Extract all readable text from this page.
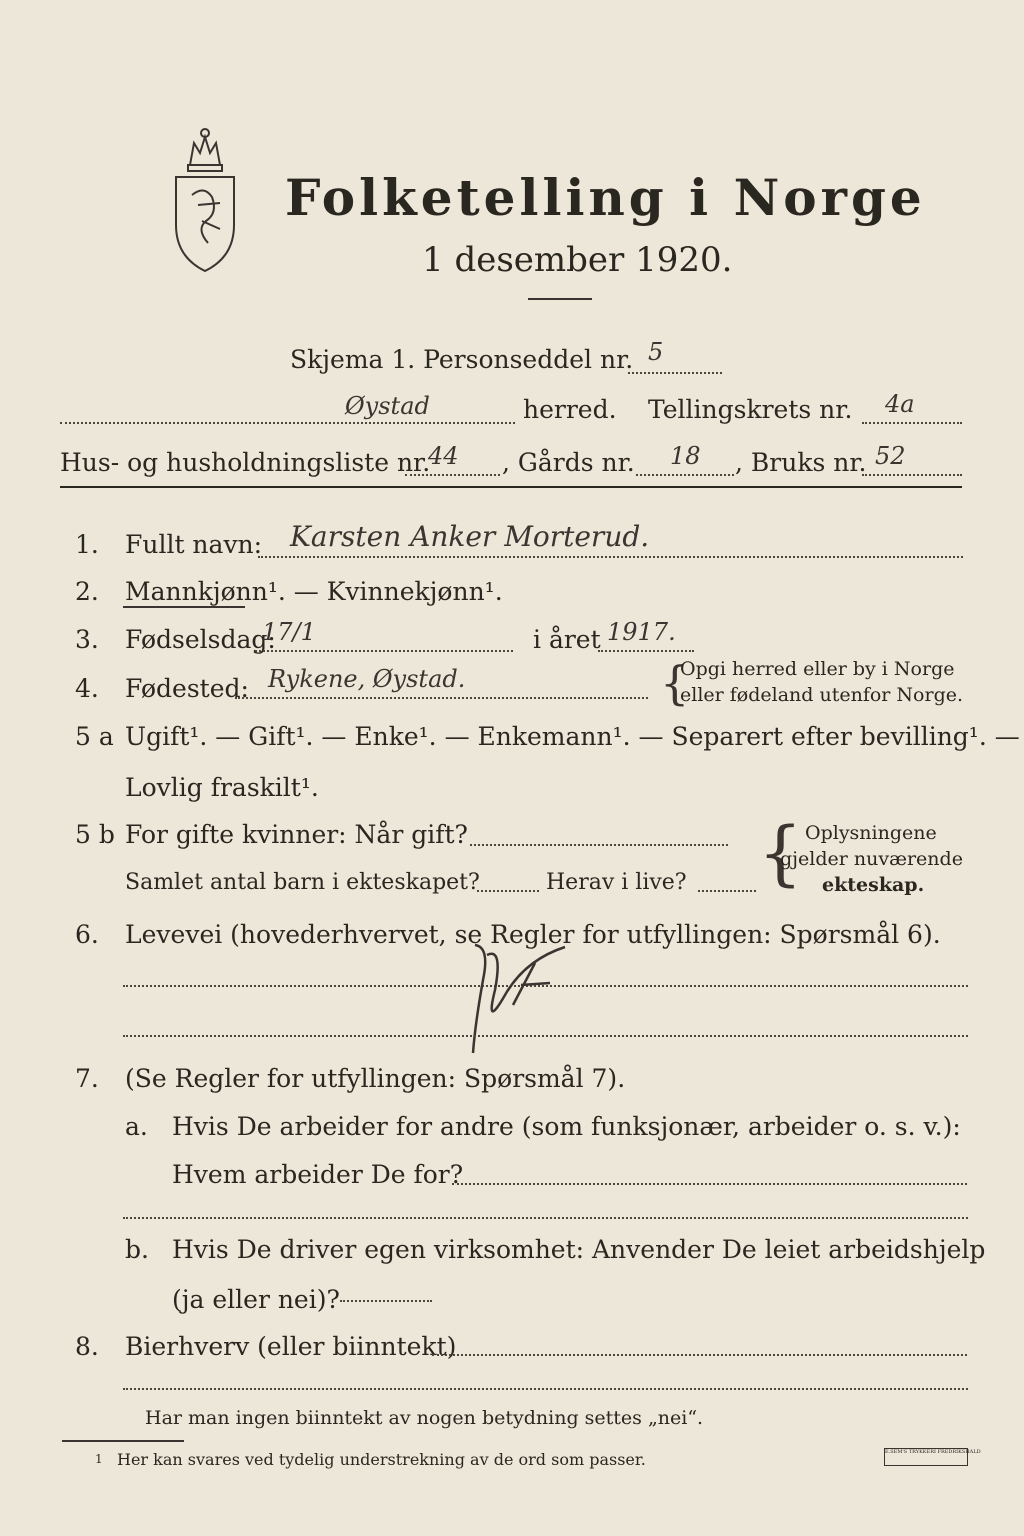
Folketelling i Norge
1 desember 1920.
Skjema 1. Personseddel nr. 5
Øystad	herred. Tellingskrets nr. 4a
Hus- og husholdningsliste nr.
44 , Gårds nr. 18 , Bruks nr. 52
1. Fullt navn: Karsten Anker Morterud.
2. Mannkjønn¹. — Kvinnekjønn¹.
3. Fødselsdag:
17/1	i året 1917.
4. Fødested: Rykene, Øystad.	{
Opgi herred eller by i Norge
eller fødeland utenfor Norge.
5 a Ugift¹. — Gift¹. — Enke¹. — Enkemann¹. — Separert efter bevilling¹. —
Lovlig fraskilt¹.
5 b For gifte kvinner: Når gift?
Samlet antal barn i ekteskapet?	Herav i live? { Oplysningene
gjelder nuværende
ekteskap.
6. Levevei (hovederhvervet, se Regler for utfyllingen: Spørsmål 6).
7. (Se Regler for utfyllingen: Spørsmål 7).
a. Hvis De arbeider for andre (som funksjonær, arbeider o. s. v.):
Hvem arbeider De for?
b. Hvis De driver egen virksomhet: Anvender De leiet arbeidshjelp
(ja eller nei)?
8. Bierhverv (eller biinntekt)
Har man ingen biinntekt av nogen betydning settes „nei“.
1 Her kan svares ved tydelig understrekning av de ord som passer.	E.SEM'S TRYKKERI FREDRIKSHALD
